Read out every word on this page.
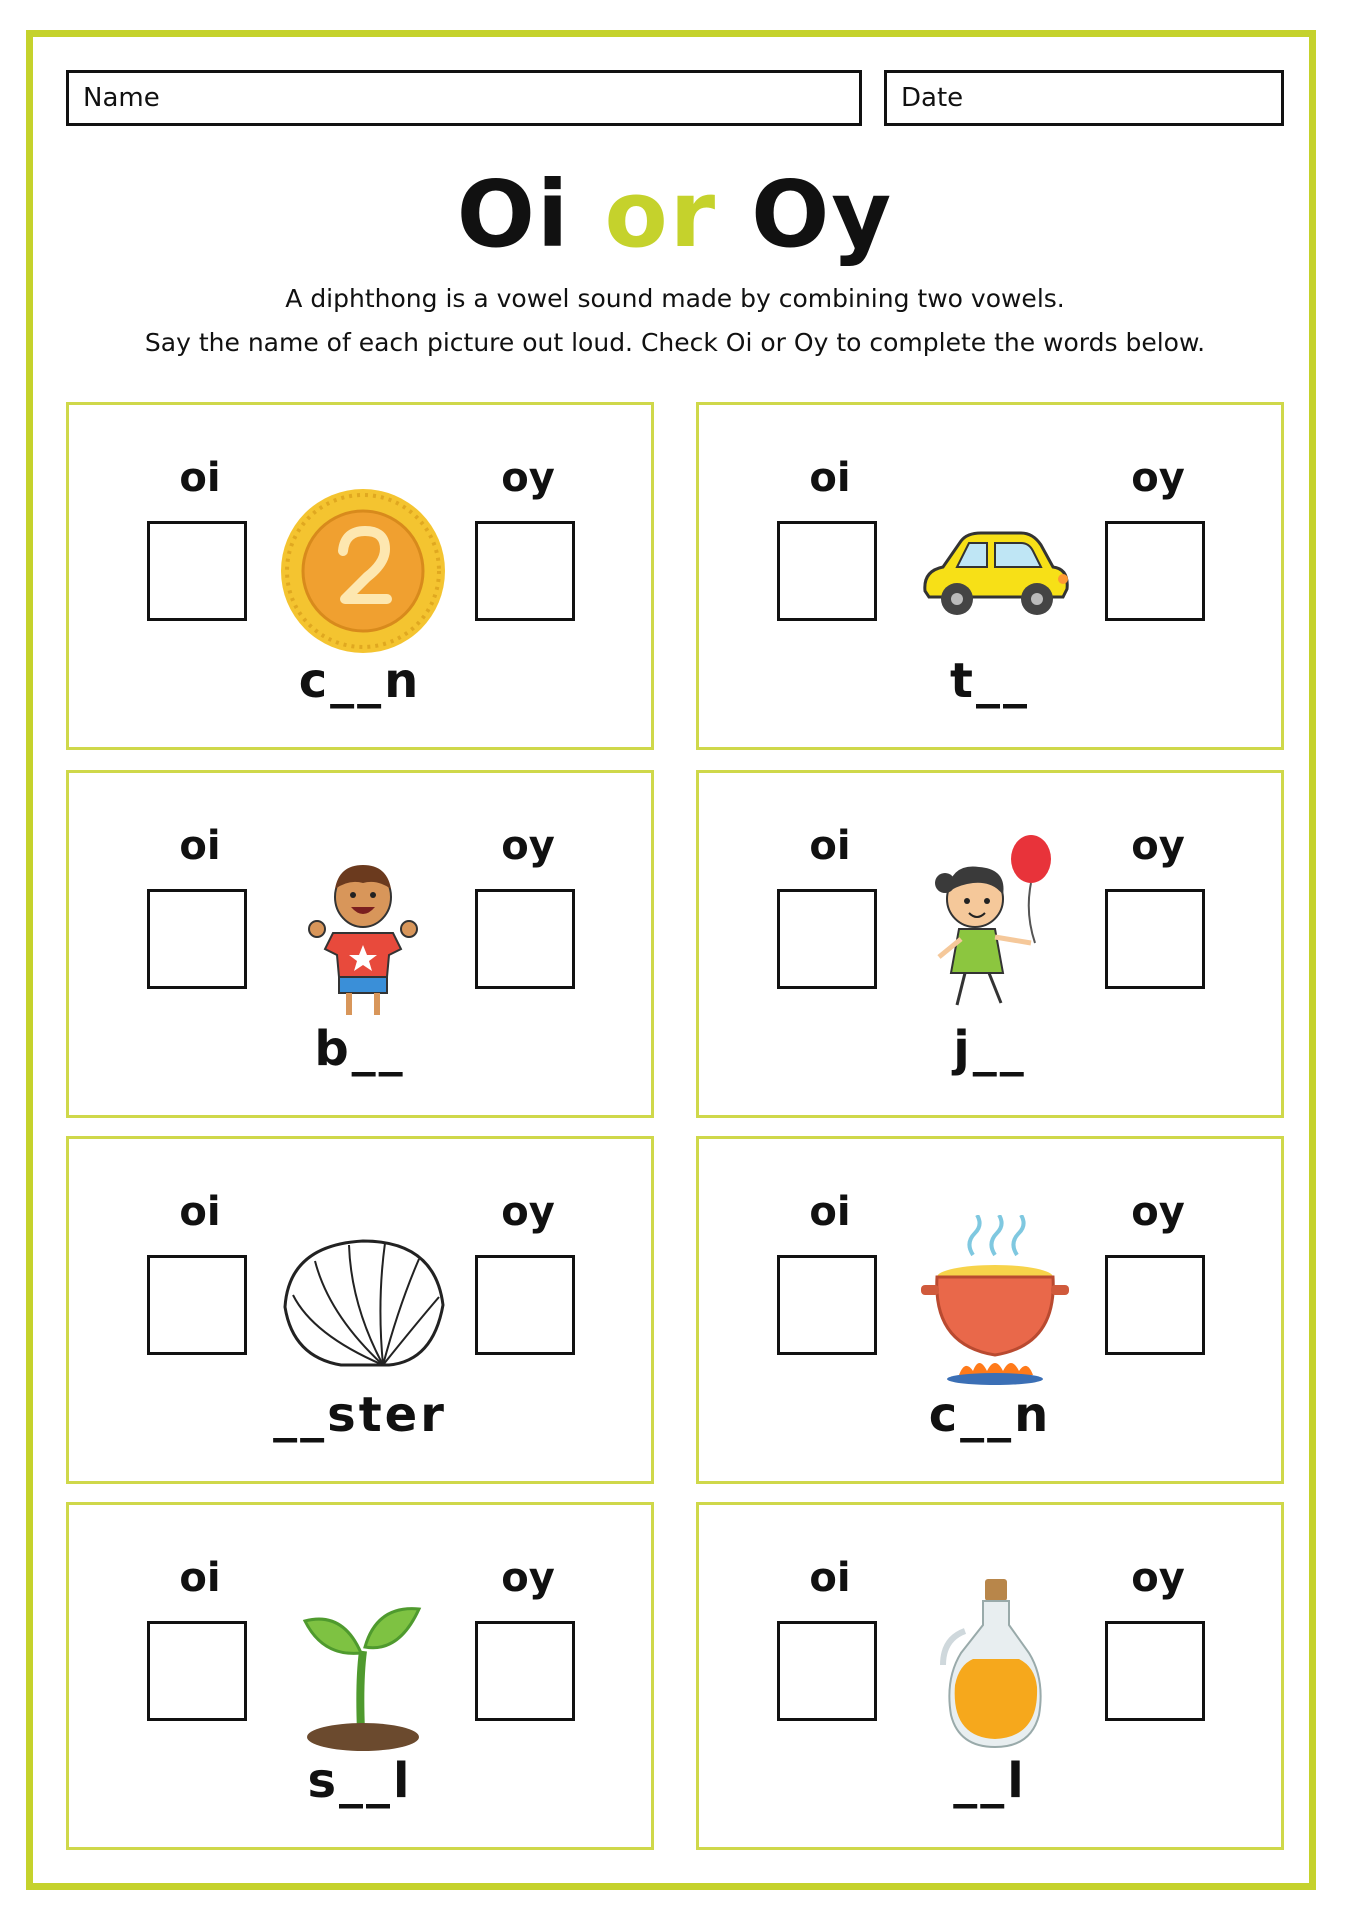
Name	Date
Oi or Oy
A diphthong is a vowel sound made by combining two vowels.
Say the name of each picture out loud. Check Oi or Oy to complete the words below.
oi	oy
c__n
oi	oy
t__
oi	oy
b__
oi	oy
j__
oi	oy
__ster
oi	oy
c__n
oi	oy
s__l
oi	oy
__l
